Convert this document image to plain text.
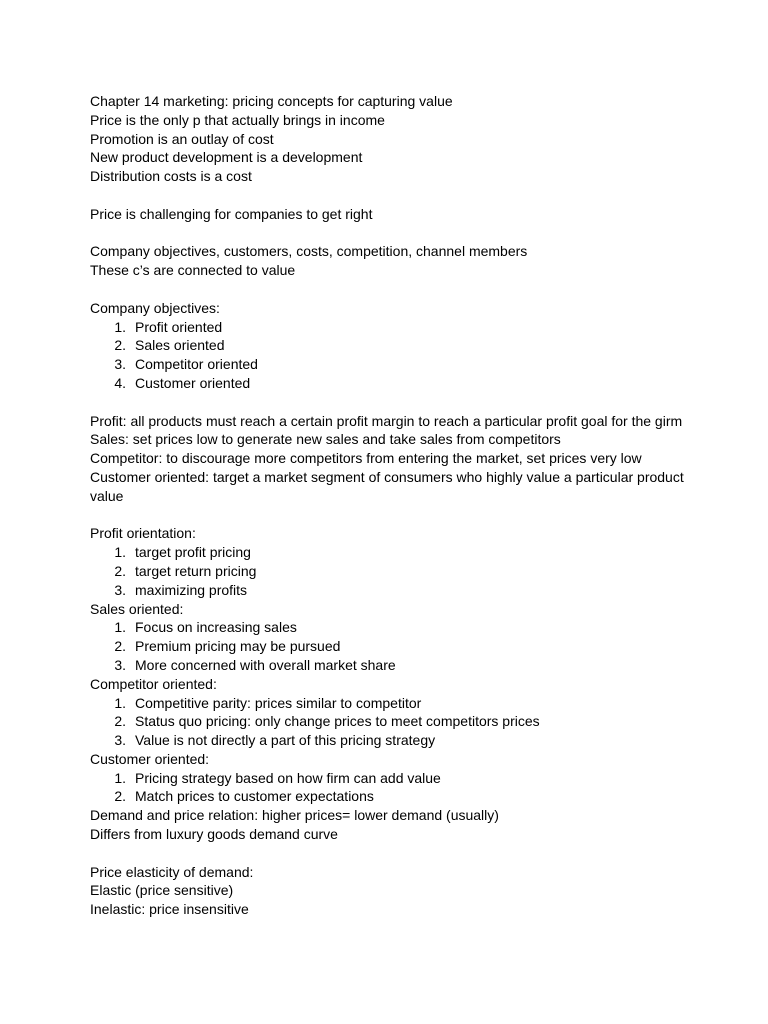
Chapter 14 marketing: pricing concepts for capturing value
Price is the only p that actually brings in income
Promotion is an outlay of cost
New product development is a development
Distribution costs is a cost
Price is challenging for companies to get right
Company objectives, customers, costs, competition, channel members
These c’s are connected to value
Company objectives:
1. Profit oriented
2. Sales oriented
3. Competitor oriented
4. Customer oriented
Profit: all products must reach a certain profit margin to reach a particular profit goal for the girm
Sales: set prices low to generate new sales and take sales from competitors
Competitor: to discourage more competitors from entering the market, set prices very low
Customer oriented: target a market segment of consumers who highly value a particular product value
Profit orientation:
1. target profit pricing
2. target return pricing
3. maximizing profits
Sales oriented:
1. Focus on increasing sales
2. Premium pricing may be pursued
3. More concerned with overall market share
Competitor oriented:
1. Competitive parity: prices similar to competitor
2. Status quo pricing: only change prices to meet competitors prices
3. Value is not directly a part of this pricing strategy
Customer oriented:
1. Pricing strategy based on how firm can add value
2. Match prices to customer expectations
Demand and price relation: higher prices= lower demand (usually)
Differs from luxury goods demand curve
Price elasticity of demand:
Elastic (price sensitive)
Inelastic: price insensitive
